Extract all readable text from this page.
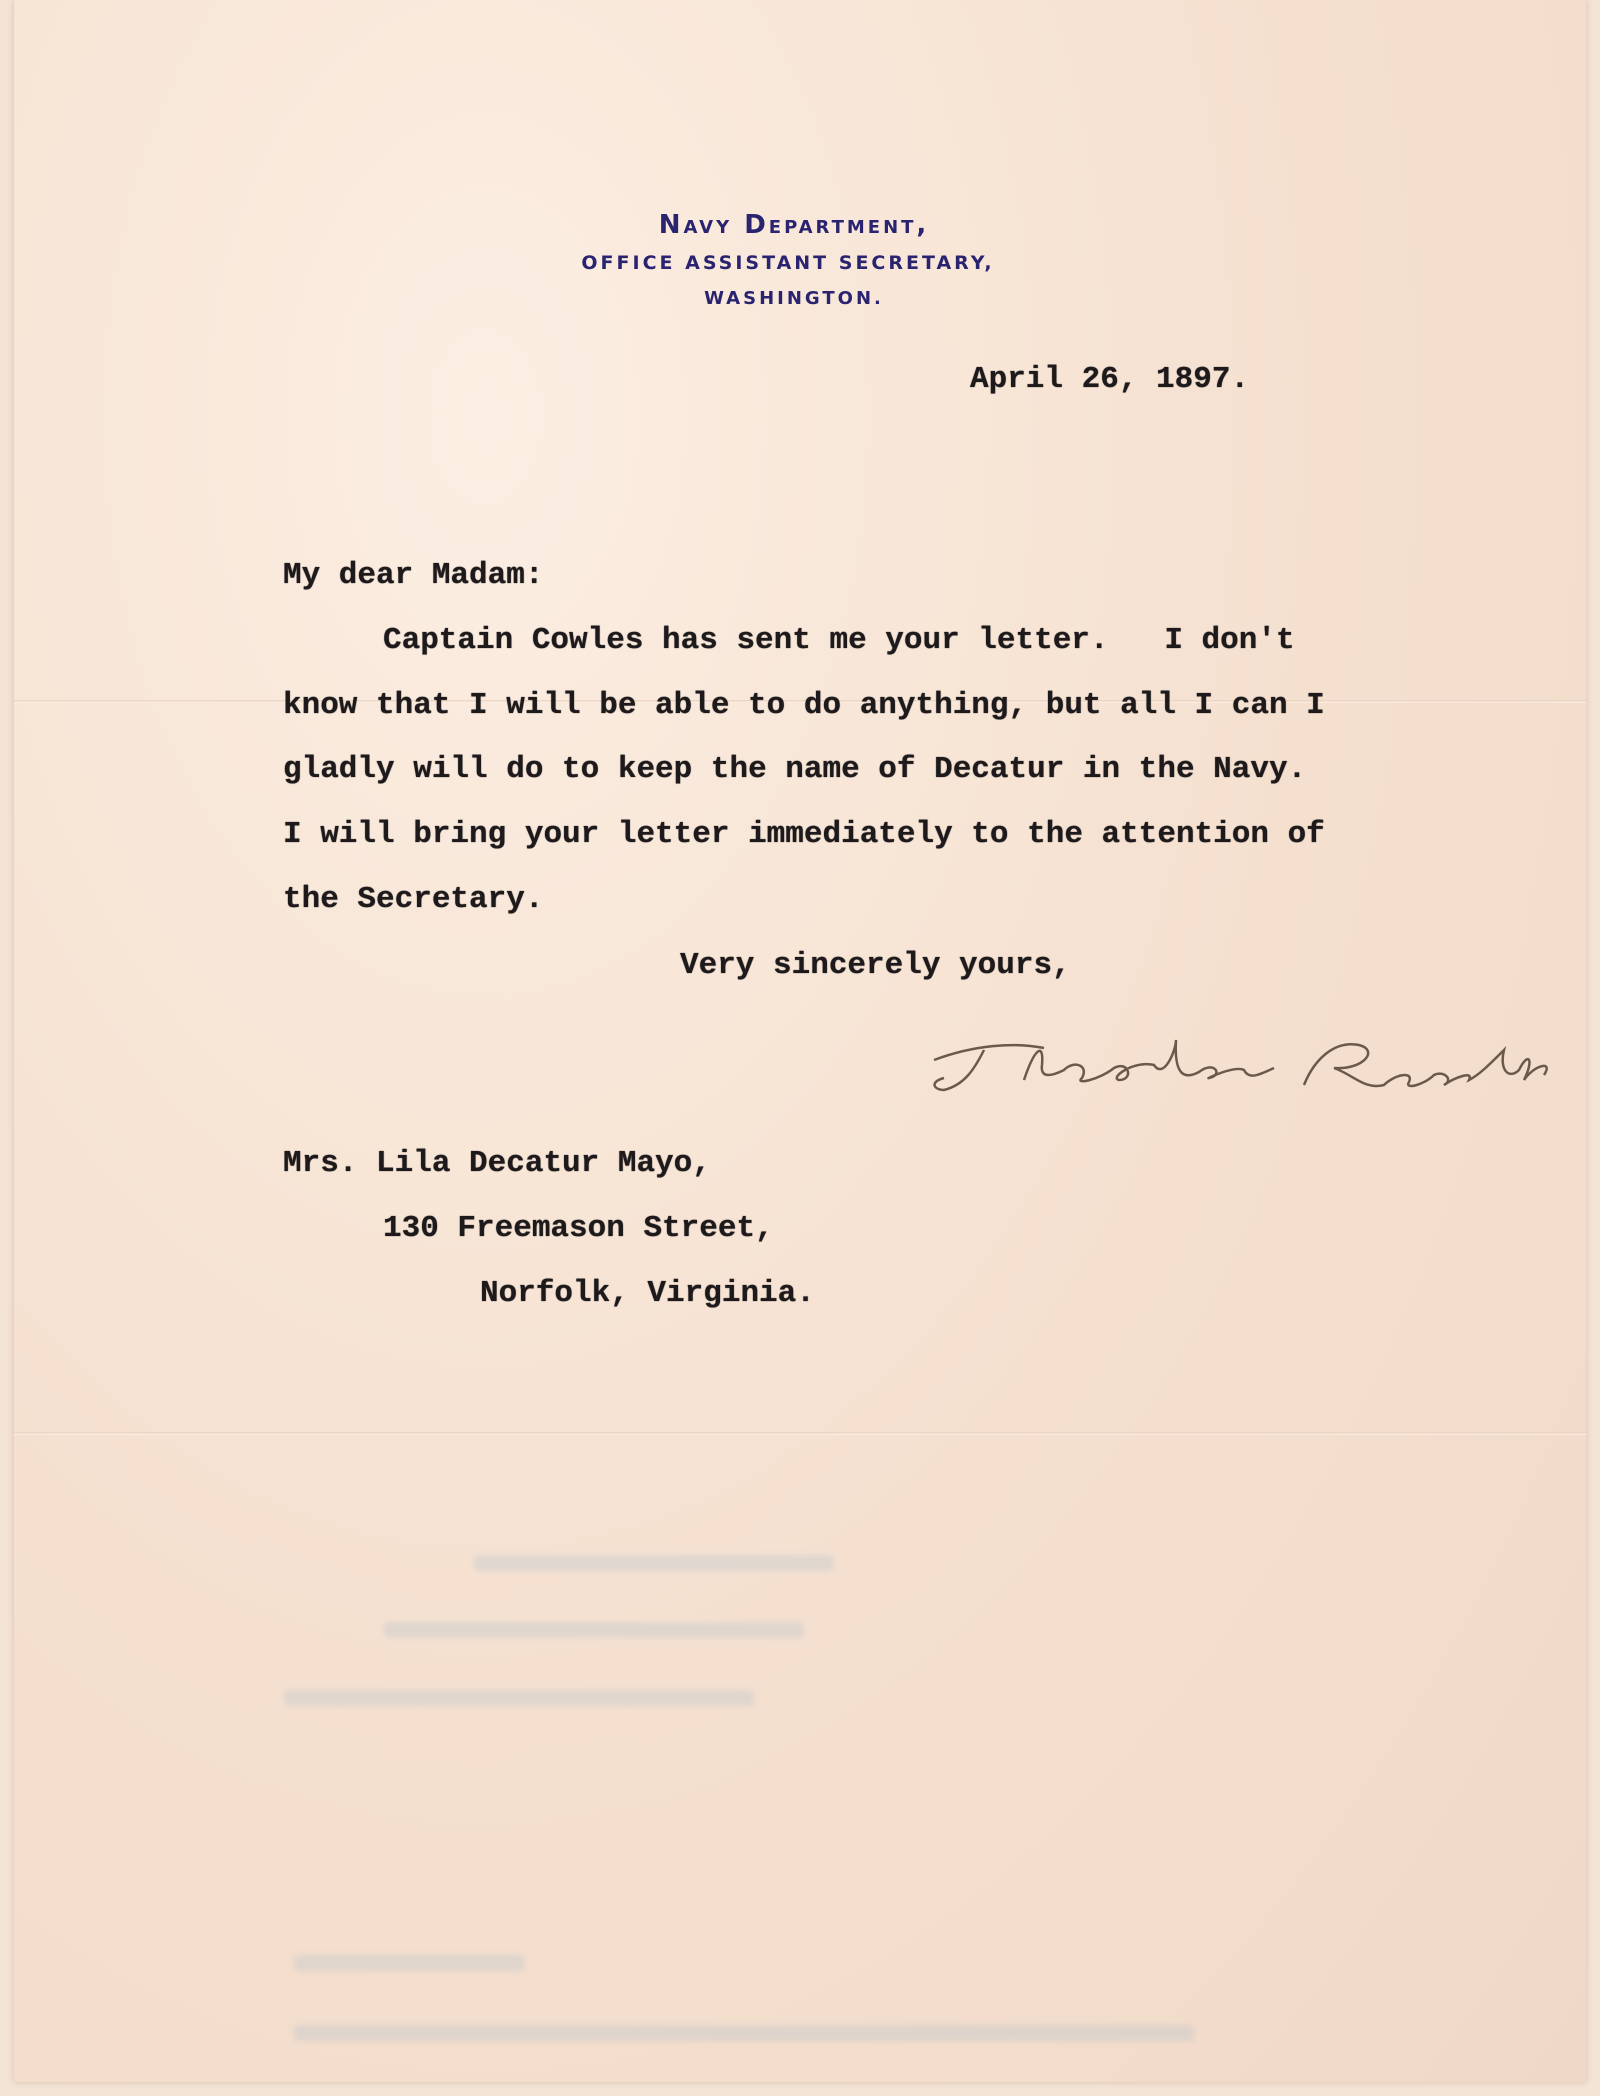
Navy Department,
OFFICE ASSISTANT SECRETARY,
WASHINGTON.
April 26, 1897.
My dear Madam:
Captain Cowles has sent me your letter.   I don't
know that I will be able to do anything, but all I can I
gladly will do to keep the name of Decatur in the Navy.
I will bring your letter immediately to the attention of
the Secretary.
Very sincerely yours,
Mrs. Lila Decatur Mayo,
130 Freemason Street,
Norfolk, Virginia.
